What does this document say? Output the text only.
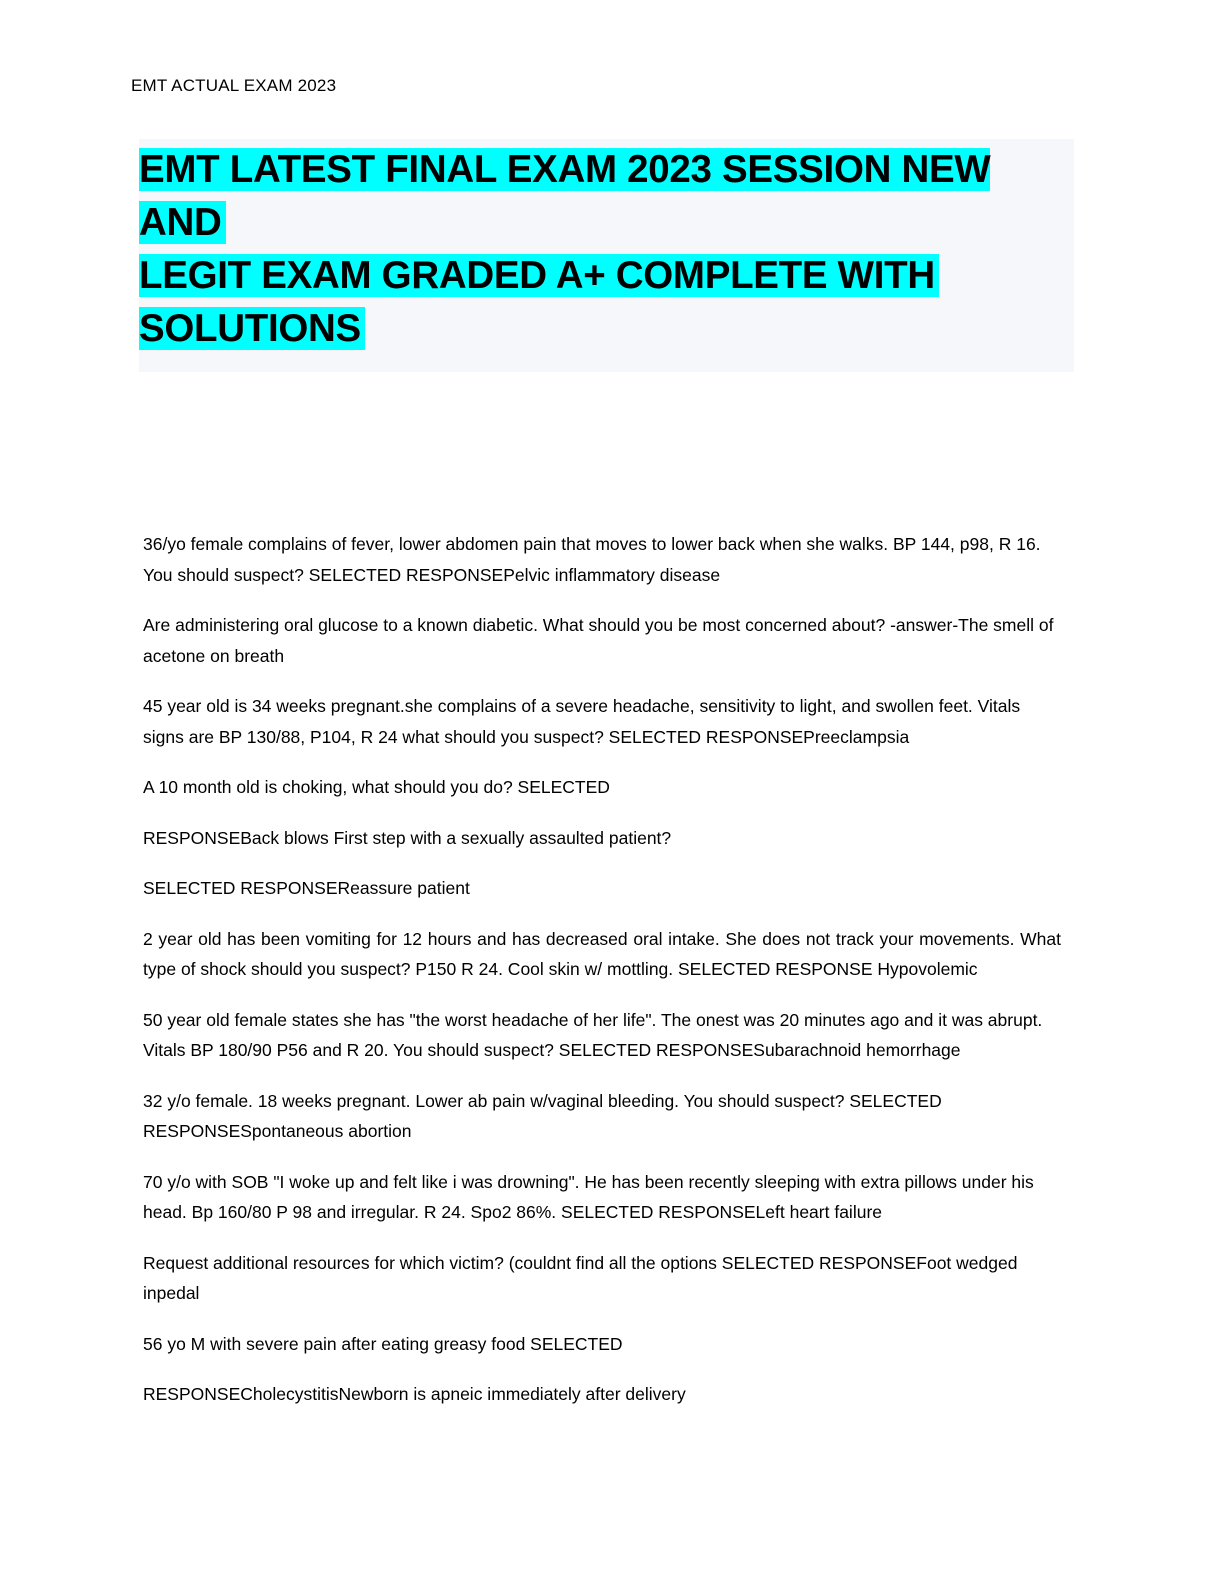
EMT ACTUAL EXAM 2023
EMT LATEST FINAL EXAM 2023 SESSION NEW AND
LEGIT EXAM GRADED A+ COMPLETE WITH
SOLUTIONS

36/yo female complains of fever, lower abdomen pain that moves to lower back when she walks. BP 144, p98, R 16. You should suspect? SELECTED RESPONSEPelvic inflammatory disease

Are administering oral glucose to a known diabetic. What should you be most concerned about? -answer-The smell of acetone on breath

45 year old is 34 weeks pregnant.she complains of a severe headache, sensitivity to light, and swollen feet. Vitals signs are BP 130/88, P104, R 24 what should you suspect? SELECTED RESPONSEPreeclampsia

A 10 month old is choking, what should you do? SELECTED

RESPONSEBack blows First step with a sexually assaulted patient?

SELECTED RESPONSEReassure patient

2 year old has been vomiting for 12 hours and has decreased oral intake. She does not track your movements. What type of shock should you suspect? P150 R 24. Cool skin w/ mottling. SELECTED RESPONSE Hypovolemic

50 year old female states she has "the worst headache of her life". The onest was 20 minutes ago and it was abrupt. Vitals BP 180/90 P56 and R 20. You should suspect? SELECTED RESPONSESubarachnoid hemorrhage

32 y/o female. 18 weeks pregnant. Lower ab pain w/vaginal bleeding. You should suspect? SELECTED RESPONSESpontaneous abortion

70 y/o with SOB "I woke up and felt like i was drowning". He has been recently sleeping with extra pillows under his head. Bp 160/80 P 98 and irregular. R 24. Spo2 86%. SELECTED RESPONSELeft heart failure

Request additional resources for which victim? (couldnt find all the options SELECTED RESPONSEFoot wedged inpedal

56 yo M with severe pain after eating greasy food SELECTED

RESPONSECholecystitisNewborn is apneic immediately after delivery
